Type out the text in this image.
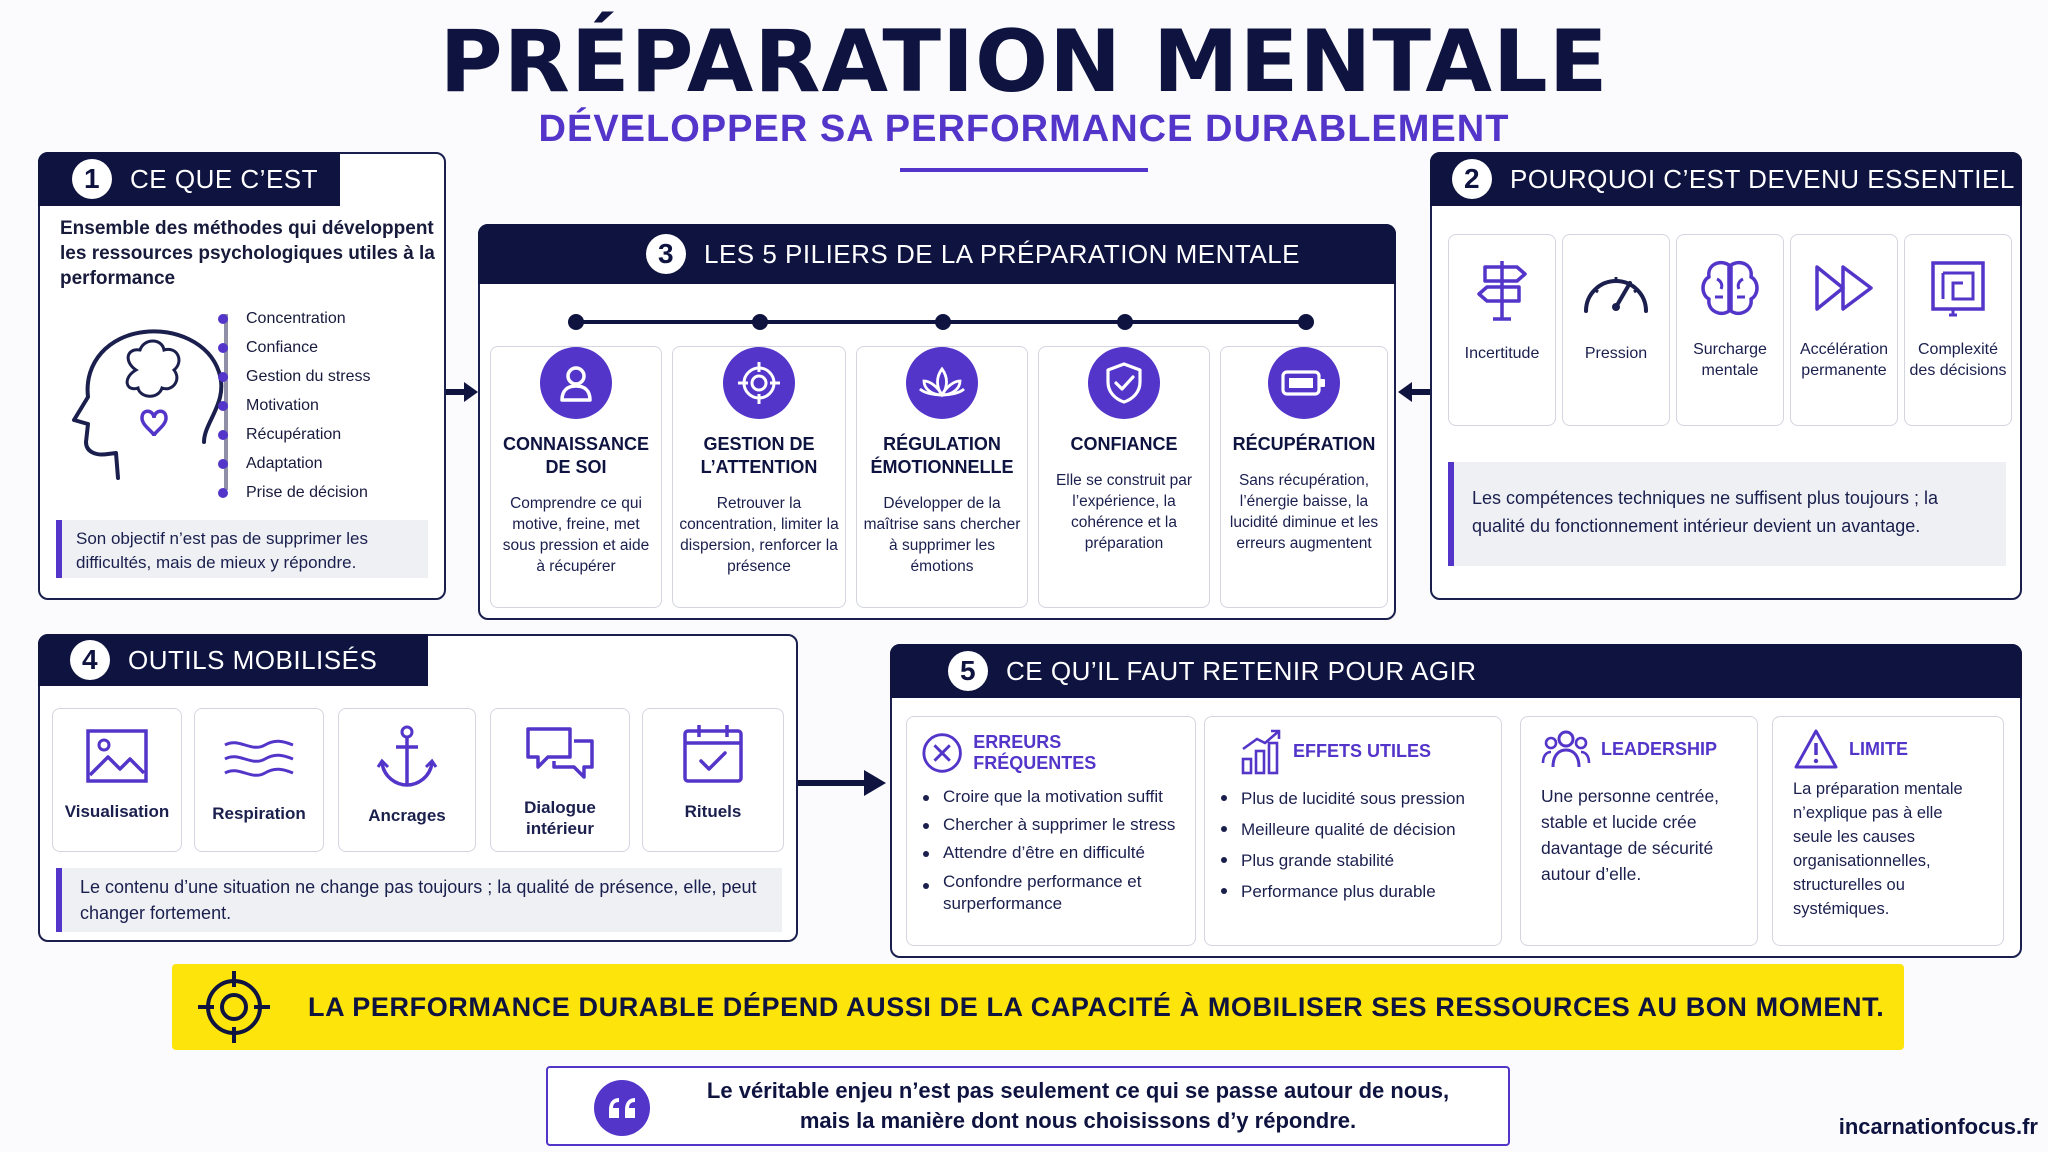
PRÉPARATION MENTALE
DÉVELOPPER SA PERFORMANCE DURABLEMENT
1	CE QUE C’EST
Ensemble des méthodes qui développent les ressources psychologiques utiles à la performance
Concentration
Confiance
Gestion du stress
Motivation
Récupération
Adaptation
Prise de décision
Son objectif n’est pas de supprimer les difficultés, mais de mieux y répondre.
3	LES 5 PILIERS DE LA PRÉPARATION MENTALE
CONNAISSANCE DE SOI
Comprendre ce qui motive, freine, met sous pression et aide à récupérer
GESTION DE L’ATTENTION
Retrouver la concentration, limiter la dispersion, renforcer la présence
RÉGULATION ÉMOTIONNELLE
Développer de la maîtrise sans chercher à supprimer les émotions
CONFIANCE
Elle se construit par l’expérience, la cohérence et la préparation
RÉCUPÉRATION
Sans récupération, l’énergie baisse, la lucidité diminue et les erreurs augmentent
2	POURQUOI C’EST DEVENU ESSENTIEL
Incertitude	Pression	Surcharge mentale
Accélération permanente
Complexité des décisions
Les compétences techniques ne suffisent plus toujours ; la qualité du fonctionnement intérieur devient un avantage.
4	OUTILS MOBILISÉS
Visualisation	Respiration	Ancrages	Dialogue intérieur
Rituels
Le contenu d’une situation ne change pas toujours ; la qualité de présence, elle, peut changer fortement.
5	CE QU’IL FAUT RETENIR POUR AGIR
ERREURS FRÉQUENTES
Croire que la motivation suffit
Chercher à supprimer le stress
Attendre d’être en difficulté
Confondre performance et surperformance
EFFETS UTILES
Plus de lucidité sous pression
Meilleure qualité de décision
Plus grande stabilité
Performance plus durable
LEADERSHIP
Une personne centrée, stable et lucide crée davantage de sécurité autour d’elle.
LIMITE
La préparation mentale n’explique pas à elle seule les causes organisationnelles, structurelles ou systémiques.
LA PERFORMANCE DURABLE DÉPEND AUSSI DE LA CAPACITÉ À MOBILISER SES RESSOURCES AU BON MOMENT.
Le véritable enjeu n’est pas seulement ce qui se passe autour de nous,
mais la manière dont nous choisissons d’y répondre.	incarnationfocus.fr
